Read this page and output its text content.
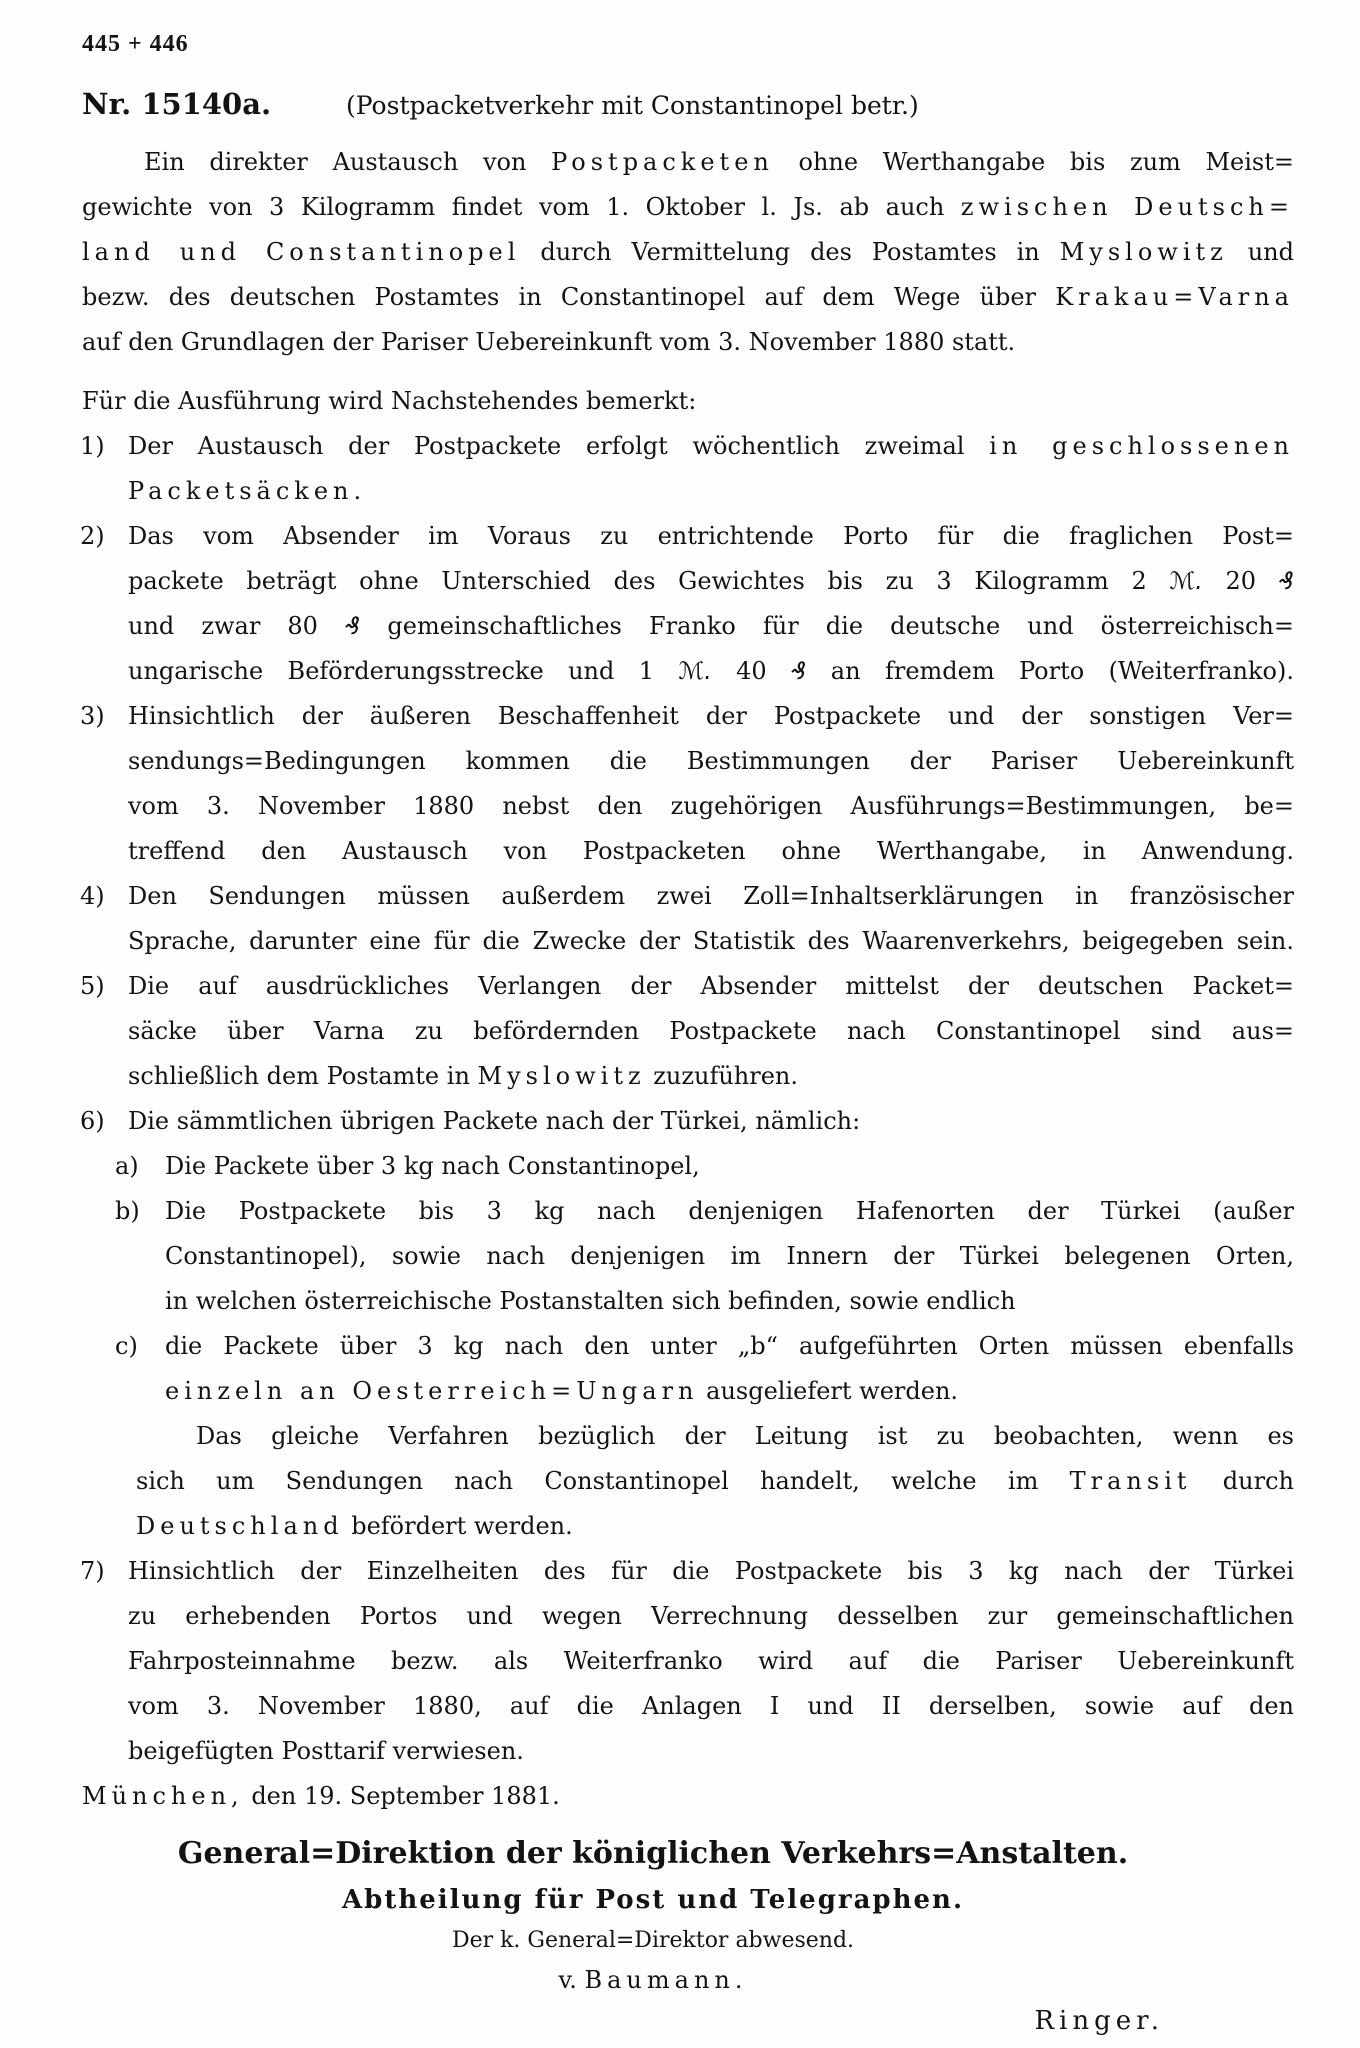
445 + 446
Nr. 15140a.	(Postpacketverkehr mit Constantinopel betr.)
Ein direkter Austausch von Postpacketen ohne Werthangabe bis zum Meist=
gewichte von 3 Kilogramm findet vom 1. Oktober l. Js. ab auch zwischen Deutsch=
land und Constantinopel durch Vermittelung des Postamtes in Myslowitz und
bezw. des deutschen Postamtes in Constantinopel auf dem Wege über Krakau=Varna
auf den Grundlagen der Pariser Uebereinkunft vom 3. November 1880 statt.
Für die Ausführung wird Nachstehendes bemerkt:
1) Der Austausch der Postpackete erfolgt wöchentlich zweimal in geschlossenen
Packetsäcken.
2) Das vom Absender im Voraus zu entrichtende Porto für die fraglichen Post=
packete beträgt ohne Unterschied des Gewichtes bis zu 3 Kilogramm 2 ℳ. 20 ₰
und zwar 80 ₰ gemeinschaftliches Franko für die deutsche und österreichisch=
ungarische Beförderungsstrecke und 1 ℳ. 40 ₰ an fremdem Porto (Weiterfranko).
3) Hinsichtlich der äußeren Beschaffenheit der Postpackete und der sonstigen Ver=
sendungs=Bedingungen kommen die Bestimmungen der Pariser Uebereinkunft
vom 3. November 1880 nebst den zugehörigen Ausführungs=Bestimmungen, be=
treffend den Austausch von Postpacketen ohne Werthangabe, in Anwendung.
4) Den Sendungen müssen außerdem zwei Zoll=Inhaltserklärungen in französischer
Sprache, darunter eine für die Zwecke der Statistik des Waarenverkehrs, beigegeben sein.
5) Die auf ausdrückliches Verlangen der Absender mittelst der deutschen Packet=
säcke über Varna zu befördernden Postpackete nach Constantinopel sind aus=
schließlich dem Postamte in Myslowitz zuzuführen.
6) Die sämmtlichen übrigen Packete nach der Türkei, nämlich:
a)	Die Packete über 3 kg nach Constantinopel,
b)	Die Postpackete bis 3 kg nach denjenigen Hafenorten der Türkei (außer
Constantinopel), sowie nach denjenigen im Innern der Türkei belegenen Orten,
in welchen österreichische Postanstalten sich befinden, sowie endlich
c)	die Packete über 3 kg nach den unter „b“ aufgeführten Orten müssen ebenfalls
einzeln an Oesterreich=Ungarn ausgeliefert werden.
Das gleiche Verfahren bezüglich der Leitung ist zu beobachten, wenn es
sich um Sendungen nach Constantinopel handelt, welche im Transit durch
Deutschland befördert werden.
7) Hinsichtlich der Einzelheiten des für die Postpackete bis 3 kg nach der Türkei
zu erhebenden Portos und wegen Verrechnung desselben zur gemeinschaftlichen
Fahrposteinnahme bezw. als Weiterfranko wird auf die Pariser Uebereinkunft
vom 3. November 1880, auf die Anlagen I und II derselben, sowie auf den
beigefügten Posttarif verwiesen.
München, den 19. September 1881.
General=Direktion der königlichen Verkehrs=Anstalten.
Abtheilung für Post und Telegraphen.
Der k. General=Direktor abwesend.
v. Baumann.
Ringer.
